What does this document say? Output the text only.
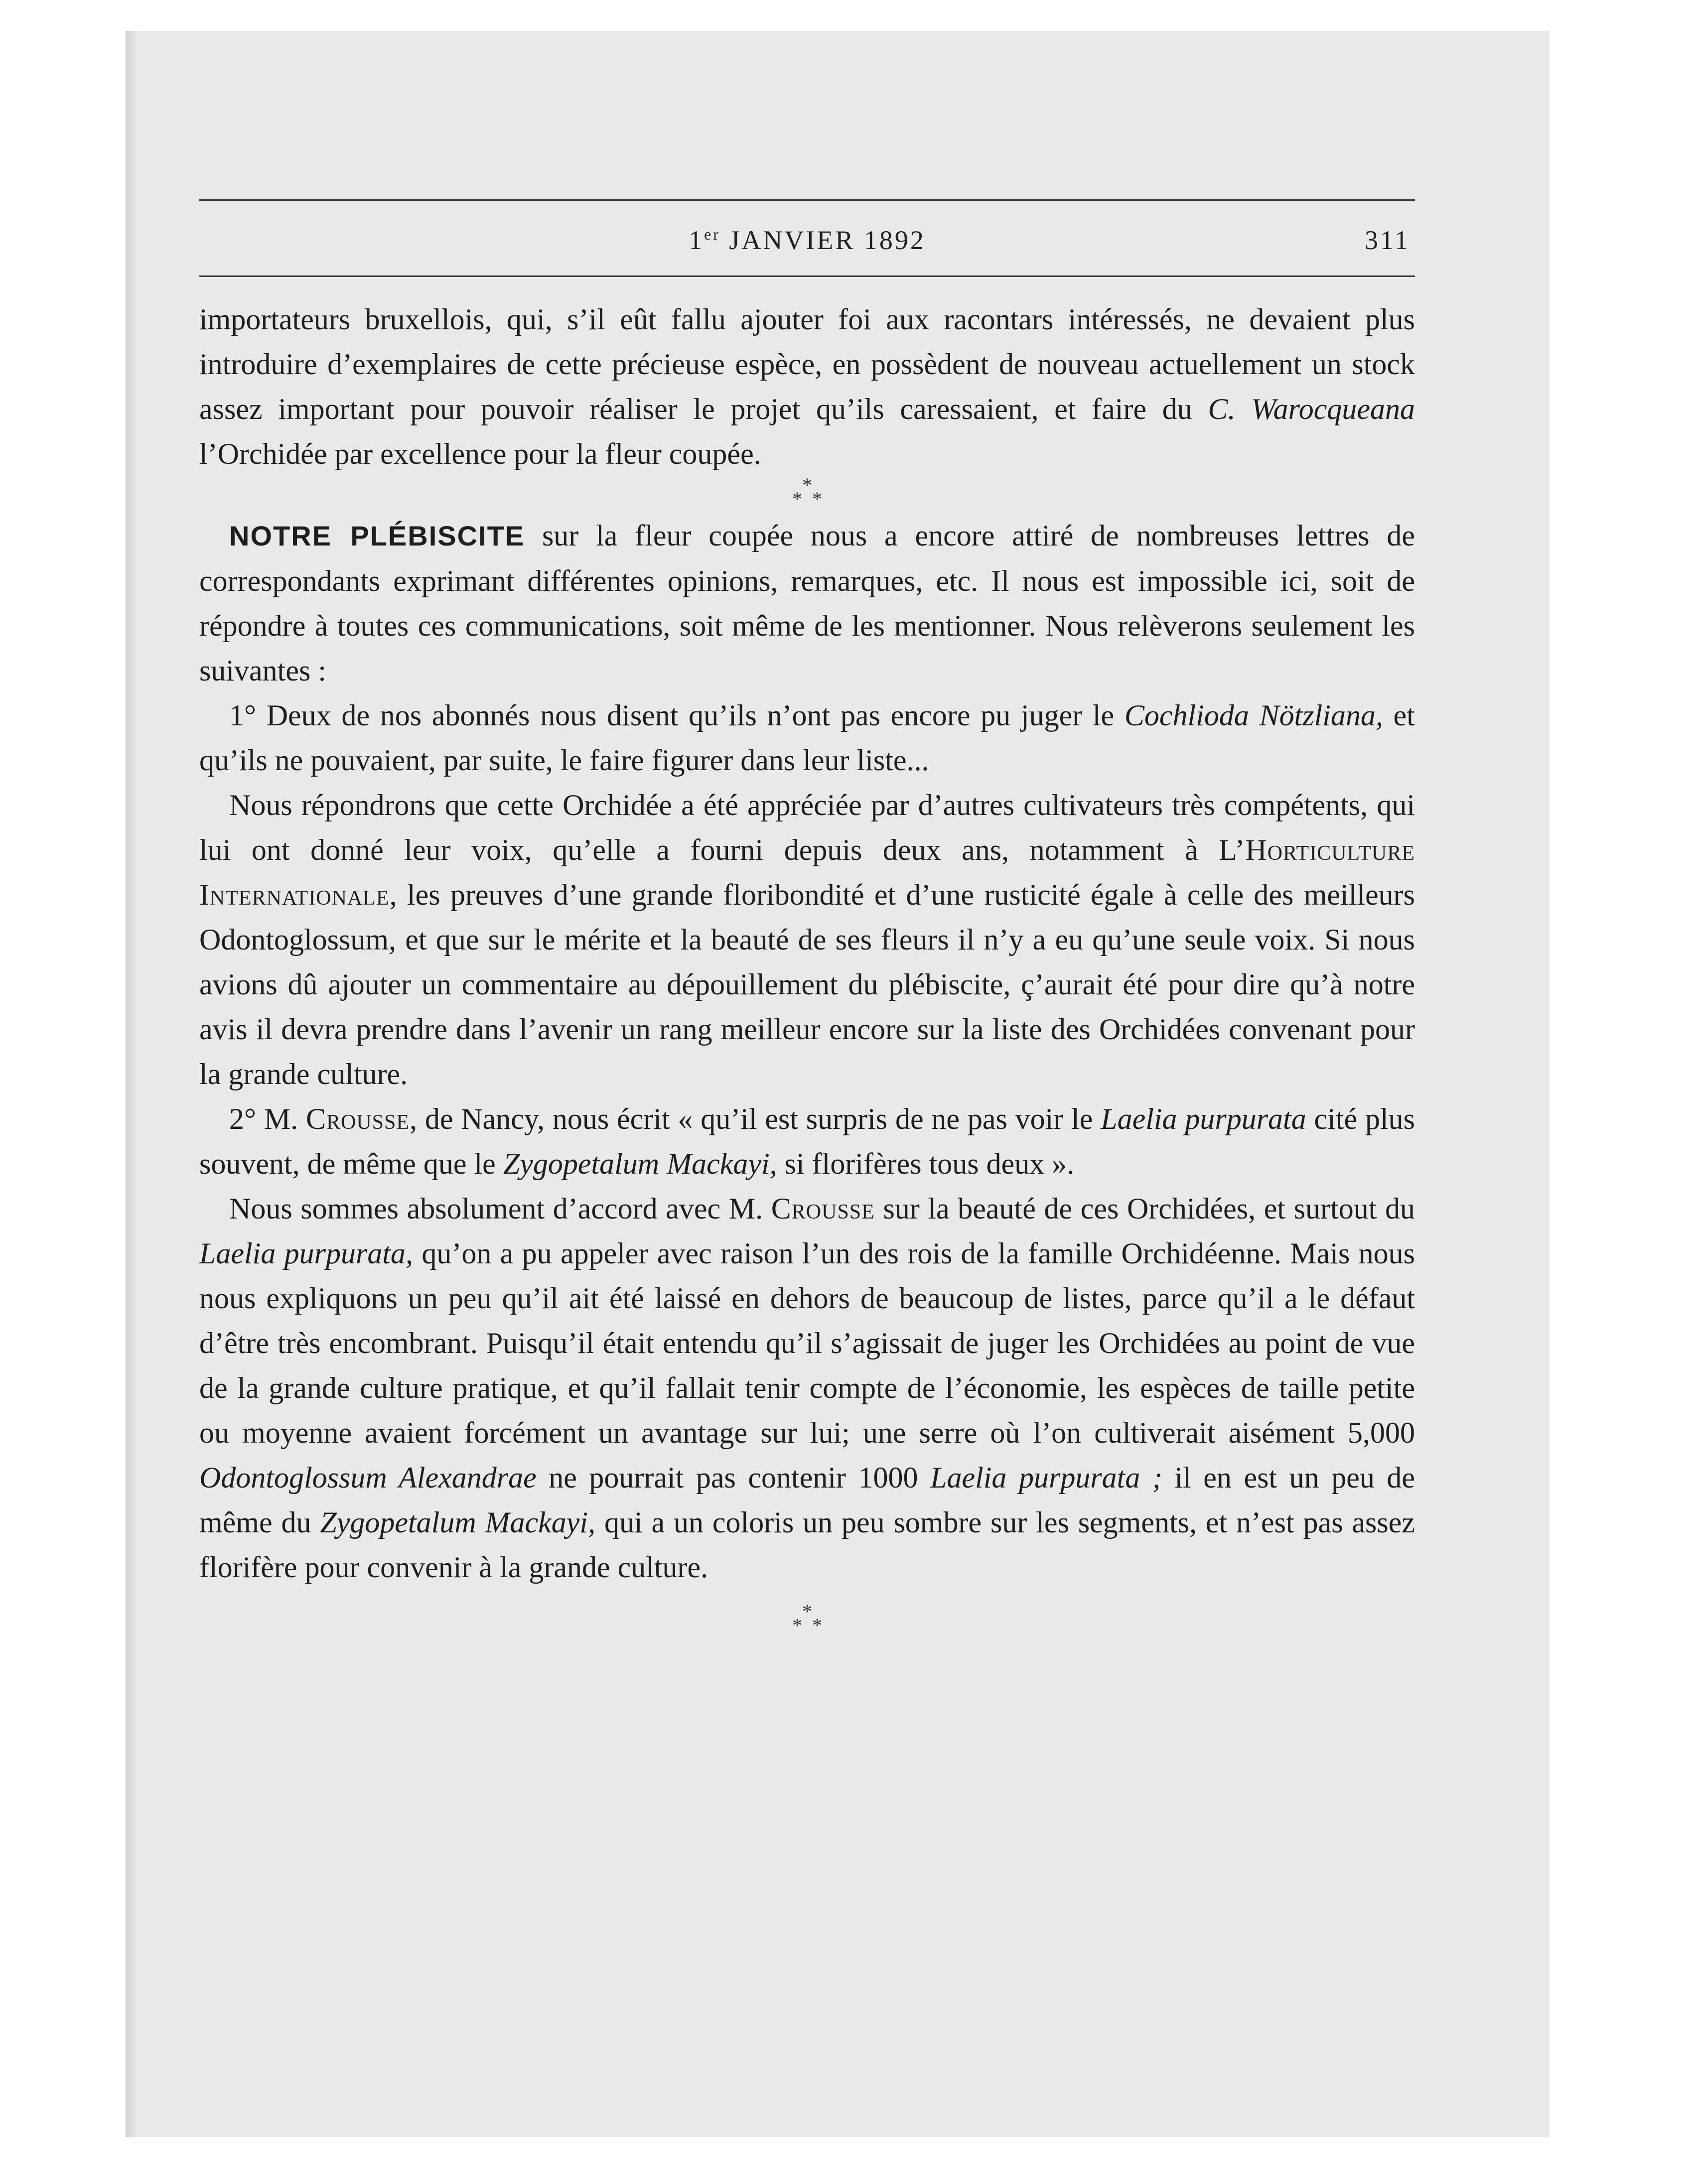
1er JANVIER 1892	311

importateurs bruxellois, qui, s’il eût fallu ajouter foi aux racontars intéressés, ne devaient plus introduire d’exemplaires de cette précieuse espèce, en possèdent de nouveau actuellement un stock assez important pour pouvoir réaliser le projet qu’ils caressaient, et faire du C. Warocqueana l’Orchidée par excellence pour la fleur coupée.

*
* *

NOTRE PLÉBISCITE sur la fleur coupée nous a encore attiré de nombreuses lettres de correspondants exprimant différentes opinions, remarques, etc. Il nous est impossible ici, soit de répondre à toutes ces communications, soit même de les mentionner. Nous relèverons seulement les suivantes :

1° Deux de nos abonnés nous disent qu’ils n’ont pas encore pu juger le Cochlioda Nötzliana, et qu’ils ne pouvaient, par suite, le faire figurer dans leur liste...

Nous répondrons que cette Orchidée a été appréciée par d’autres cultivateurs très compétents, qui lui ont donné leur voix, qu’elle a fourni depuis deux ans, notamment à L’Horticulture Internationale, les preuves d’une grande floribondité et d’une rusticité égale à celle des meilleurs Odontoglossum, et que sur le mérite et la beauté de ses fleurs il n’y a eu qu’une seule voix. Si nous avions dû ajouter un commentaire au dépouillement du plébiscite, ç’aurait été pour dire qu’à notre avis il devra prendre dans l’avenir un rang meilleur encore sur la liste des Orchidées convenant pour la grande culture.

2° M. Crousse, de Nancy, nous écrit « qu’il est surpris de ne pas voir le Laelia purpurata cité plus souvent, de même que le Zygopetalum Mackayi, si florifères tous deux ».

Nous sommes absolument d’accord avec M. Crousse sur la beauté de ces Orchidées, et surtout du Laelia purpurata, qu’on a pu appeler avec raison l’un des rois de la famille Orchidéenne. Mais nous nous expliquons un peu qu’il ait été laissé en dehors de beaucoup de listes, parce qu’il a le défaut d’être très encombrant. Puisqu’il était entendu qu’il s’agissait de juger les Orchidées au point de vue de la grande culture pratique, et qu’il fallait tenir compte de l’économie, les espèces de taille petite ou moyenne avaient forcément un avantage sur lui; une serre où l’on cultiverait aisément 5,000 Odontoglossum Alexandrae ne pourrait pas contenir 1000 Laelia purpurata ; il en est un peu de même du Zygopetalum Mackayi, qui a un coloris un peu sombre sur les segments, et n’est pas assez florifère pour convenir à la grande culture.

*
* *
